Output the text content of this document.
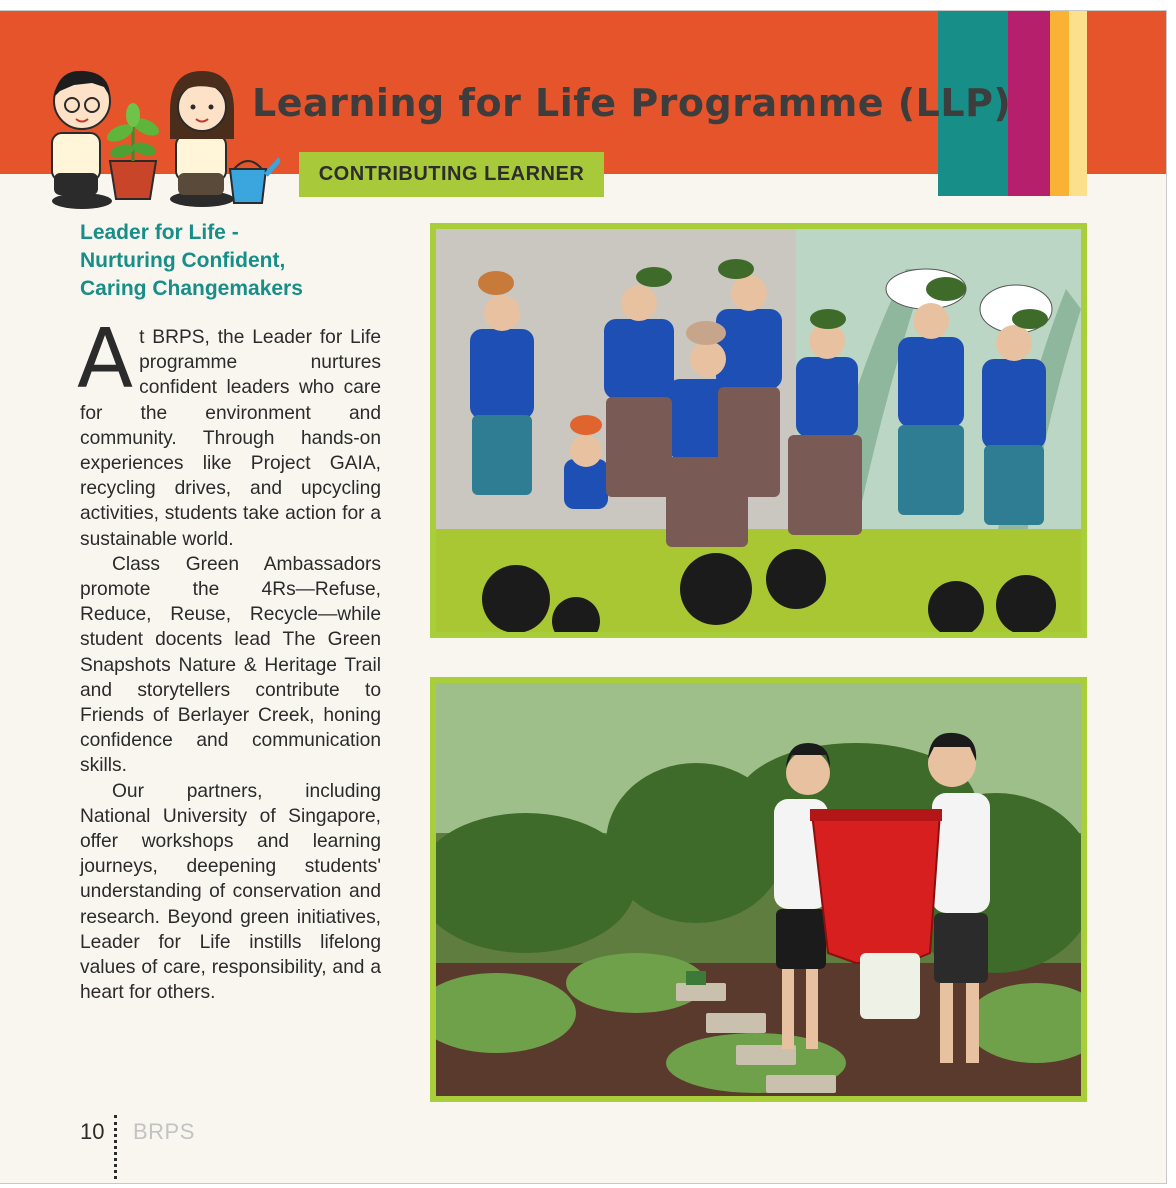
Learning for Life Programme (LLP)
CONTRIBUTING LEARNER
Leader for Life -
Nurturing Confident,
Caring Changemakers

At BRPS, the Leader for Life programme nurtures confident leaders who care for the environment and community. Through hands-on experiences like Project GAIA, recycling drives, and upcycling activities, students take action for a sustainable world.

Class Green Ambassadors promote the 4Rs—Refuse, Reduce, Reuse, Recycle—while student docents lead The Green Snapshots Nature & Heritage Trail and storytellers contribute to Friends of Berlayer Creek, honing confidence and communication skills.

Our partners, including National University of Singapore, offer workshops and learning journeys, deepening students' understanding of conservation and research. Beyond green initiatives, Leader for Life instills lifelong values of care, responsibility, and a heart for others.

10 BRPS
